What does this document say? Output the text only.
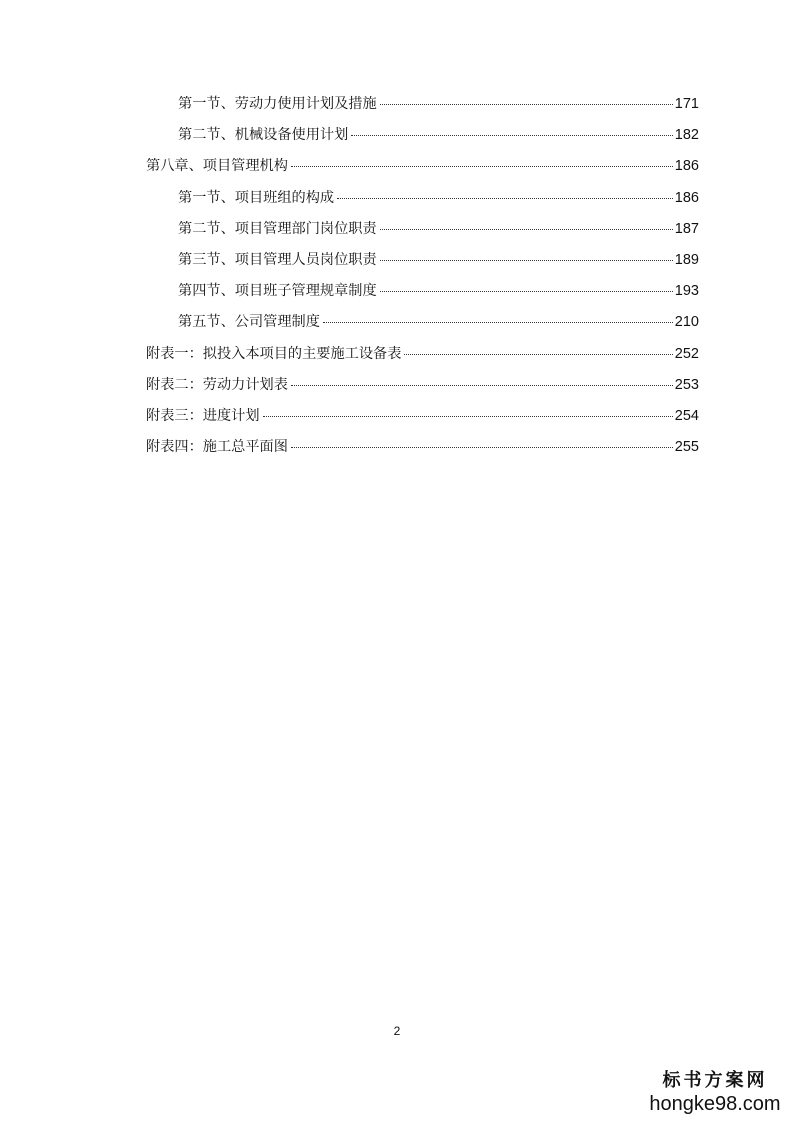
第一节、劳动力使用计划及措施	171
第二节、机械设备使用计划	182
第八章、项目管理机构	186
第一节、项目班组的构成	186
第二节、项目管理部门岗位职责	187
第三节、项目管理人员岗位职责	189
第四节、项目班子管理规章制度	193
第五节、公司管理制度	210
附表一：拟投入本项目的主要施工设备表	252
附表二：劳动力计划表	253
附表三：进度计划	254
附表四：施工总平面图	255
2
标书方案网
hongke98.com
